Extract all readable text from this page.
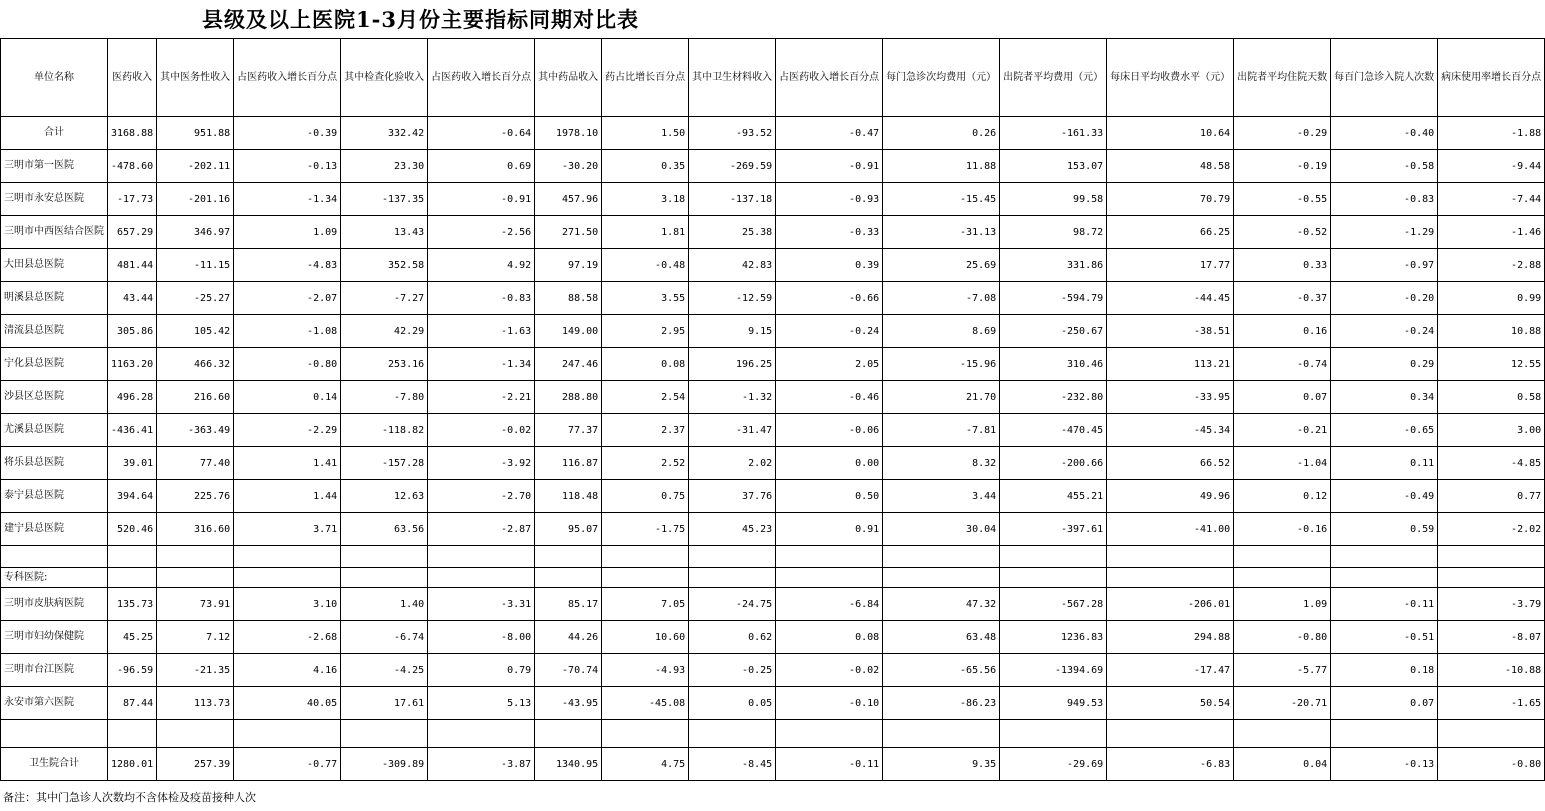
县级及以上医院1-3月份主要指标同期对比表
单位名称	医药收入	其中医务性收入	占医药收入增长百分点	其中检查化验收入	占医药收入增长百分点	其中药品收入	药占比增长百分点	其中卫生材料收入	占医药收入增长百分点	每门急诊次均费用（元）	出院者平均费用（元）	每床日平均收费水平（元）	出院者平均住院天数	每百门急诊入院人次数	病床使用率增长百分点
合计	3168.88	951.88	-0.39	332.42	-0.64	1978.10	1.50	-93.52	-0.47	0.26	-161.33	10.64	-0.29	-0.40	-1.88
三明市第一医院	-478.60	-202.11	-0.13	23.30	0.69	-30.20	0.35	-269.59	-0.91	11.88	153.07	48.58	-0.19	-0.58	-9.44
三明市永安总医院	-17.73	-201.16	-1.34	-137.35	-0.91	457.96	3.18	-137.18	-0.93	-15.45	99.58	70.79	-0.55	-0.83	-7.44
三明市中西医结合医院	657.29	346.97	1.09	13.43	-2.56	271.50	1.81	25.38	-0.33	-31.13	98.72	66.25	-0.52	-1.29	-1.46
大田县总医院	481.44	-11.15	-4.83	352.58	4.92	97.19	-0.48	42.83	0.39	25.69	331.86	17.77	0.33	-0.97	-2.88
明溪县总医院	43.44	-25.27	-2.07	-7.27	-0.83	88.58	3.55	-12.59	-0.66	-7.08	-594.79	-44.45	-0.37	-0.20	0.99
清流县总医院	305.86	105.42	-1.08	42.29	-1.63	149.00	2.95	9.15	-0.24	8.69	-250.67	-38.51	0.16	-0.24	10.88
宁化县总医院	1163.20	466.32	-0.80	253.16	-1.34	247.46	0.08	196.25	2.05	-15.96	310.46	113.21	-0.74	0.29	12.55
沙县区总医院	496.28	216.60	0.14	-7.80	-2.21	288.80	2.54	-1.32	-0.46	21.70	-232.80	-33.95	0.07	0.34	0.58
尤溪县总医院	-436.41	-363.49	-2.29	-118.82	-0.02	77.37	2.37	-31.47	-0.06	-7.81	-470.45	-45.34	-0.21	-0.65	3.00
将乐县总医院	39.01	77.40	1.41	-157.28	-3.92	116.87	2.52	2.02	0.00	8.32	-200.66	66.52	-1.04	0.11	-4.85
泰宁县总医院	394.64	225.76	1.44	12.63	-2.70	118.48	0.75	37.76	0.50	3.44	455.21	49.96	0.12	-0.49	0.77
建宁县总医院	520.46	316.60	3.71	63.56	-2.87	95.07	-1.75	45.23	0.91	30.04	-397.61	-41.00	-0.16	0.59	-2.02

专科医院:															
三明市皮肤病医院	135.73	73.91	3.10	1.40	-3.31	85.17	7.05	-24.75	-6.84	47.32	-567.28	-206.01	1.09	-0.11	-3.79
三明市妇幼保健院	45.25	7.12	-2.68	-6.74	-8.00	44.26	10.60	0.62	0.08	63.48	1236.83	294.88	-0.80	-0.51	-8.07
三明市台江医院	-96.59	-21.35	4.16	-4.25	0.79	-70.74	-4.93	-0.25	-0.02	-65.56	-1394.69	-17.47	-5.77	0.18	-10.88
永安市第六医院	87.44	113.73	40.05	17.61	5.13	-43.95	-45.08	0.05	-0.10	-86.23	949.53	50.54	-20.71	0.07	-1.65

卫生院合计	1280.01	257.39	-0.77	-309.89	-3.87	1340.95	4.75	-8.45	-0.11	9.35	-29.69	-6.83	0.04	-0.13	-0.80
备注：其中门急诊人次数均不含体检及疫苗接种人次
